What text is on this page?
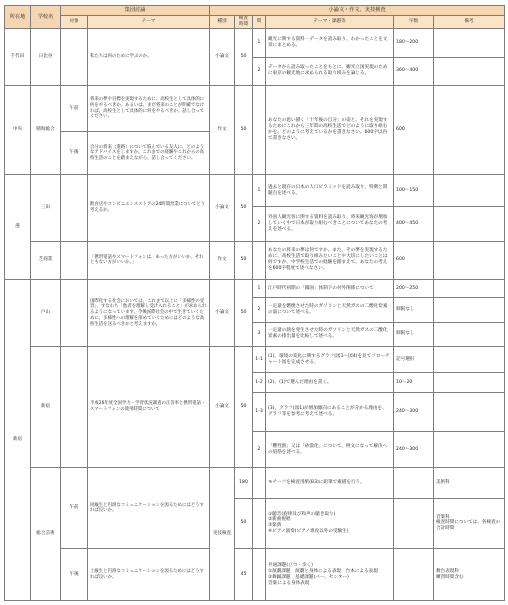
所在地	学校名	集団討論		小論文・作文、実技検査					
		対象	テーマ	種別	検査時間	問	テーマ・課題等	字数	備考
千代田	日比谷		私たちは何のために学ぶのか。	小論文	50	1	観光に関する資料・データを読み取り、わかったことを文章にまとめる。	180～200	
						2	データから読み取ったことをもとに、観光立国実現のために東京の観光地に求められる取り組みを論じる。	360～400	
中央	晴海総合	午前	将来の夢や目標を実現するために、高校生として具体的に何をやるべきか。あるいは、まだ将来のことが明確でなければ、高校生として具体的に何をやるべきか。話し合ってください。	作文	50		あなたの思い描く「十年後の自分」の姿と、それを実現するためにこれから三年間の高校生活でどのように取り組むかを、どのように考えているかを書きなさい。600字以内で書きなさい。	600	
		午後	自分の将来（進路）について悩んでいる友人に、どのようなアドバイスをしますか。これまでの経験やこれからの高校生活のことを踏まえながら、話し合ってください。						
港	三田		飲食店やコンビニエンスストアの24時間営業についてどう考えるか。	小論文	50	1	過去と現在の日本の人口ピラミッドを読み取り、特徴と問題点を述べる。	100～150	
						2	外国人観光客に関する資料を読み取り、将来観光客が増加していく中で日本が取り組むべきことについてあなたの考えを述べる。	400～450	
	芝商業		「携帯電話やスマートフォンは、あった方がいいか、それともない方がいいか。」	作文	50		あなたの将来の夢は何ですか。また、その夢を実現するために、高校生活で取り組みたいことや大切にしたいことは何ですか。中学校生活での経験を踏まえて、あなたの考えを600字程度で述べなさい。	600	
新宿	戸山		国際化する社会においては、これまで以上に「多様性の受容」、すなわち「他者を理解し受け入れること」が求められるようになっています。今後国際社会の中で生きていくために、多様性への理解を深めていくためにはどのような高校生活を送るべきかと考えますか。	小論文	50	1	江戸時代初期の「鎖国」体制下の対外関係について	200～250	
						2	一定量を燃焼させた時のガソリンと天然ガスの二酸化炭素の量について述べる。	制限なし	
						3	一定量の熱を発生させた時のガソリンと天然ガスの二酸化炭素の排出量を比較して述べる。	制限なし	
	新宿		平成26年度全国学力・学習状況調査の正答率と携帯電話・スマートフォンの使用時間について	小論文	50	1-1	(1)、環境の変化に関するグラフ(図1～図4)を見てフローチャート図を完成させる。	記号選択	
						1-2	(2)、(1)で選んだ理由を書く。	10～20	
						1-3	(3)、グラフ(図1)が増加傾向にあることが分かる理由を、グラフ等を参考に考えて述べる。	240～300	
						2	「難性熱」又は「砂漠化」について、例文になって解決への道筋を述べる。	240～300	
	総合芸術	午前	同級生と円滑なコミュニケーションを図るためにはどうすれば良いか。	実技検査	180		モチーフを検査用紙(B3)に鉛筆で素描を行う。		美術科
					50		①聴音(旋律及び和声の聴き取り)
②新曲視唱
③楽典
④ピアノ演奏(ピアノ専攻以外の受験生)		音楽科
検査時間については、各検査の合計時間
		午後	上級生と円滑なコミュニケーションを図るためにはどうすれば良いか。		45		共通課題(立つ・歩く)
①演劇課題　演劇と身体による表現　台本による表現
②舞踊課題　基礎課題(バー、センター)
音楽による身体表現		舞台表現科
練習時間含む
